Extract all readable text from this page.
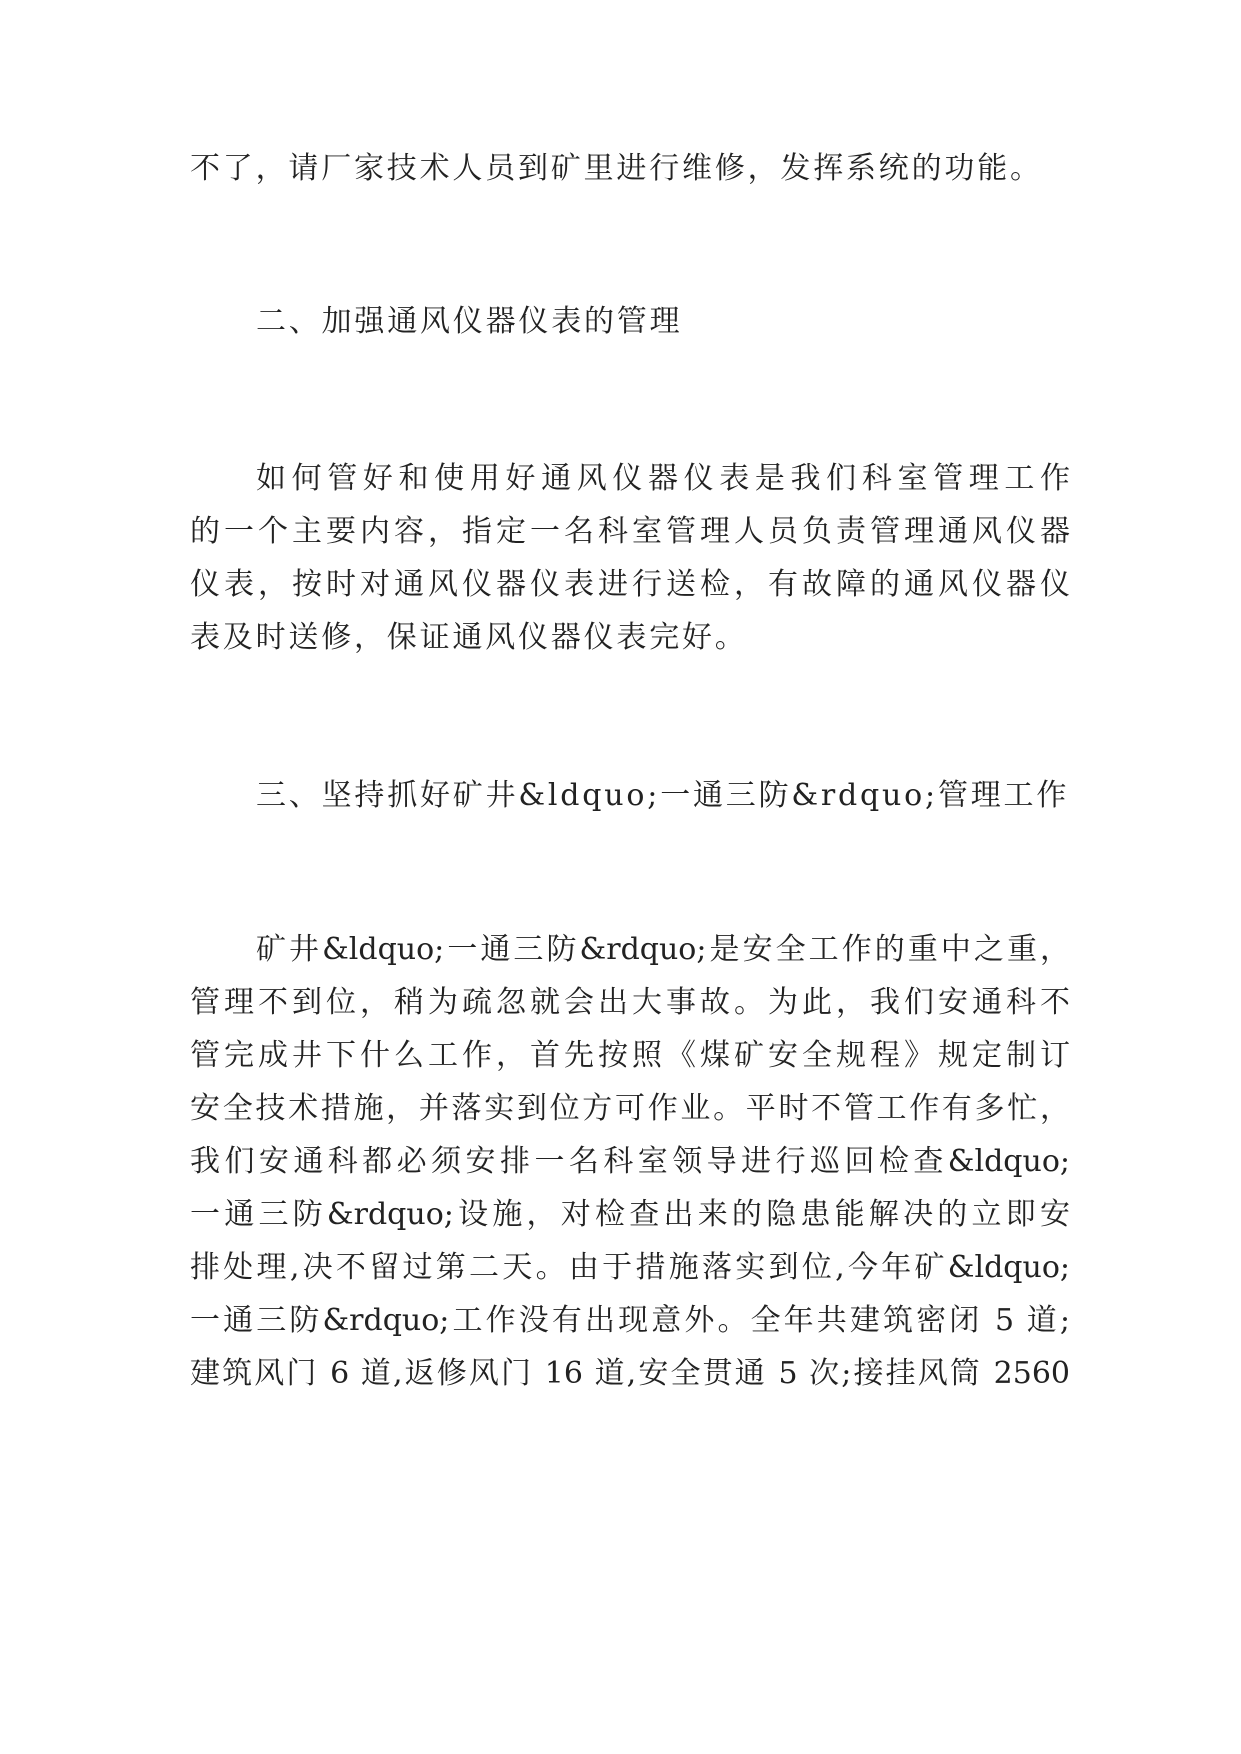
不了，请厂家技术人员到矿里进行维修，发挥系统的功能。
二、加强通风仪器仪表的管理
如何管好和使用好通风仪器仪表是我们科室管理工作
的一个主要内容，指定一名科室管理人员负责管理通风仪器
仪表，按时对通风仪器仪表进行送检，有故障的通风仪器仪
表及时送修，保证通风仪器仪表完好。
三、坚持抓好矿井&ldquo;一通三防&rdquo;管理工作
矿井&ldquo;一通三防&rdquo;是安全工作的重中之重，
管理不到位，稍为疏忽就会出大事故。为此，我们安通科不
管完成井下什么工作，首先按照《煤矿安全规程》规定制订
安全技术措施，并落实到位方可作业。平时不管工作有多忙，
我们安通科都必须安排一名科室领导进行巡回检查&ldquo;
一通三防&rdquo;设施，对检查出来的隐患能解决的立即安
排处理,决不留过第二天。由于措施落实到位,今年矿&ldquo;
一通三防&rdquo;工作没有出现意外。全年共建筑密闭 5 道;
建筑风门 6 道,返修风门 16 道,安全贯通 5 次;接挂风筒 2560
